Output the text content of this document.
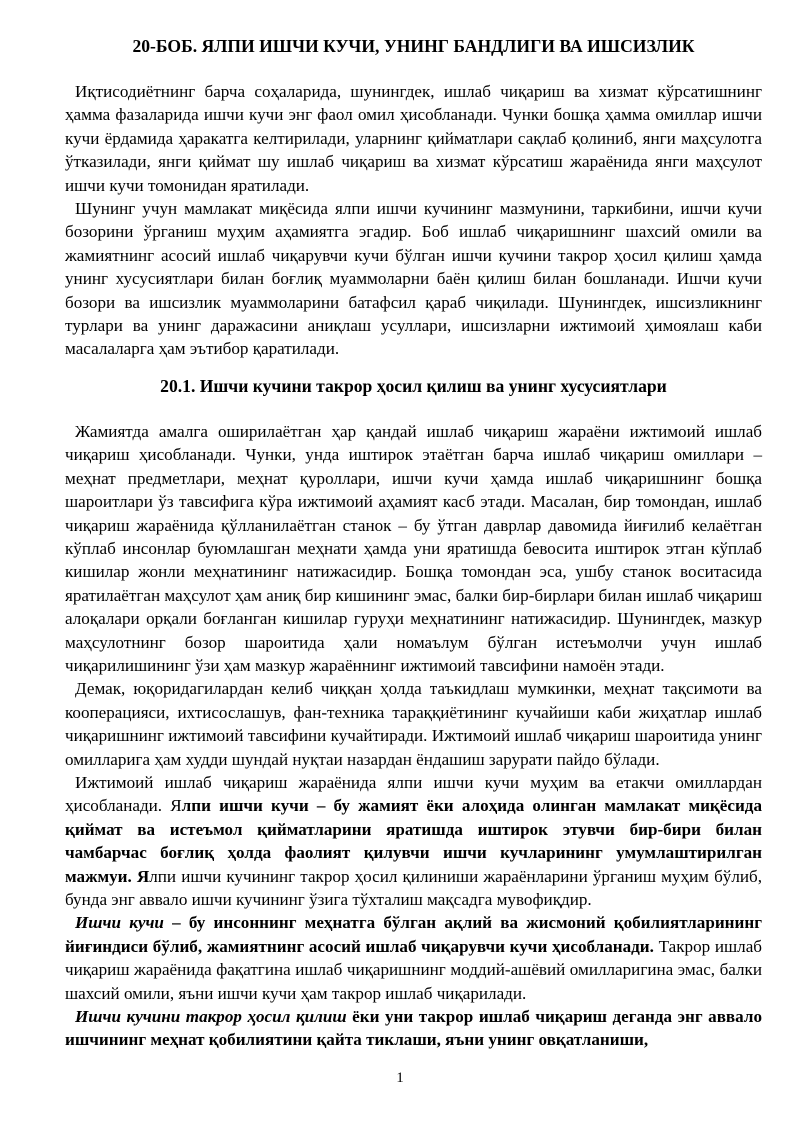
20-БОБ. ЯЛПИ ИШЧИ КУЧИ, УНИНГ БАНДЛИГИ ВА ИШСИЗЛИК

Иқтисодиётнинг барча соҳаларида, шунингдек, ишлаб чиқариш ва хизмат кўрсатишнинг ҳамма фазаларида ишчи кучи энг фаол омил ҳисобланади. Чунки бошқа ҳамма омиллар ишчи кучи ёрдамида ҳаракатга келтирилади, уларнинг қийматлари сақлаб қолиниб, янги маҳсулотга ўтказилади, янги қиймат шу ишлаб чиқариш ва хизмат кўрсатиш жараёнида янги маҳсулот ишчи кучи томонидан яратилади.

Шунинг учун мамлакат миқёсида ялпи ишчи кучининг мазмунини, таркибини, ишчи кучи бозорини ўрганиш муҳим аҳамиятга эгадир. Боб ишлаб чиқаришнинг шахсий омили ва жамиятнинг асосий ишлаб чиқарувчи кучи бўлган ишчи кучини такрор ҳосил қилиш ҳамда унинг хусусиятлари билан боғлиқ муаммоларни баён қилиш билан бошланади. Ишчи кучи бозори ва ишсизлик муаммоларини батафсил қараб чиқилади. Шунингдек, ишсизликнинг турлари ва унинг даражасини аниқлаш усуллари, ишсизларни ижтимоий ҳимоялаш каби масалаларга ҳам эътибор қаратилади.

20.1. Ишчи кучини такрор ҳосил қилиш ва унинг хусусиятлари

Жамиятда амалга оширилаётган ҳар қандай ишлаб чиқариш жараёни ижтимоий ишлаб чиқариш ҳисобланади. Чунки, унда иштирок этаётган барча ишлаб чиқариш омиллари – меҳнат предметлари, меҳнат қуроллари, ишчи кучи ҳамда ишлаб чиқаришнинг бошқа шароитлари ўз тавсифига кўра ижтимоий аҳамият касб этади. Масалан, бир томондан, ишлаб чиқариш жараёнида қўлланилаётган станок – бу ўтган даврлар давомида йиғилиб келаётган кўплаб инсонлар буюмлашган меҳнати ҳамда уни яратишда бевосита иштирок этган кўплаб кишилар жонли меҳнатининг натижасидир. Бошқа томондан эса, ушбу станок воситасида яратилаётган маҳсулот ҳам аниқ бир кишининг эмас, балки бир-бирлари билан ишлаб чиқариш алоқалари орқали боғланган кишилар гуруҳи меҳнатининг натижасидир. Шунингдек, мазкур маҳсулотнинг бозор шароитида ҳали номаълум бўлган истеъмолчи учун ишлаб чиқарилишининг ўзи ҳам мазкур жараённинг ижтимоий тавсифини намоён этади.

Демак, юқоридагилардан келиб чиққан ҳолда таъкидлаш мумкинки, меҳнат тақсимоти ва кооперацияси, ихтисослашув, фан-техника тараққиётининг кучайиши каби жиҳатлар ишлаб чиқаришнинг ижтимоий тавсифини кучайтиради. Ижтимоий ишлаб чиқариш шароитида унинг омилларига ҳам худди шундай нуқтаи назардан ёндашиш зарурати пайдо бўлади.

Ижтимоий ишлаб чиқариш жараёнида ялпи ишчи кучи муҳим ва етакчи омиллардан ҳисобланади. Ялпи ишчи кучи – бу жамият ёки алоҳида олинган мамлакат миқёсида қиймат ва истеъмол қийматларини яратишда иштирок этувчи бир-бири билан чамбарчас боғлиқ ҳолда фаолият қилувчи ишчи кучларининг умумлаштирилган мажмуи. Ялпи ишчи кучининг такрор ҳосил қилиниши жараёнларини ўрганиш муҳим бўлиб, бунда энг аввало ишчи кучининг ўзига тўхталиш мақсадга мувофиқдир.

Ишчи кучи – бу инсоннинг меҳнатга бўлган ақлий ва жисмоний қобилиятларининг йиғиндиси бўлиб, жамиятнинг асосий ишлаб чиқарувчи кучи ҳисобланади. Такрор ишлаб чиқариш жараёнида фақатгина ишлаб чиқаришнинг моддий-ашёвий омилларигина эмас, балки шахсий омили, яъни ишчи кучи ҳам такрор ишлаб чиқарилади.

Ишчи кучини такрор ҳосил қилиш ёки уни такрор ишлаб чиқариш деганда энг аввало ишчининг меҳнат қобилиятини қайта тиклаши, яъни унинг овқатланиши,

1
